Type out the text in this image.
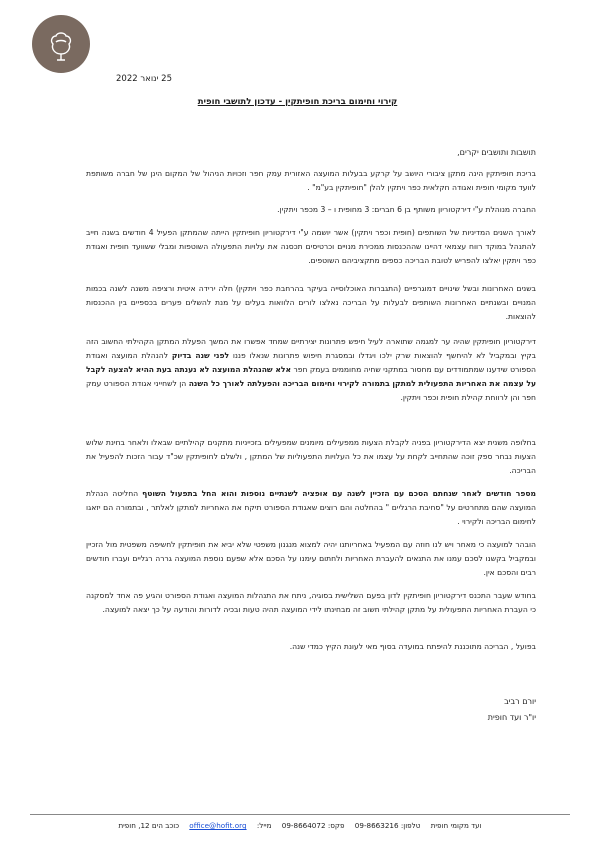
25 ינואר 2022
קירוי וחימום בריכת חופיתקין - עדכון לתושבי חופית
תושבות ותושבים יקרים,
בריכת חופיתקין הינה מתקן ציבורי היושב על קרקע בבעלות המועצה האזורית עמק חפר וזכויות הניהול של המקום הינן של חברה משותפת לוועד מקומי חופית ואגודה חקלאית כפר ויתקין להלן "חופיתקין בע"מ" .
החברה מנוהלת ע"י דירקטוריון משותף בן 6 חברים: 3 מחופית ו – 3 מכפר ויתקין.
לאורך השנים המדיניות של השותפים (חופית וכפר ויתקין) אשר יושמה ע"י דירקטוריון חופיתקין הייתה שהמתקן הפעיל 4 חודשים בשנה חייב להתנהל במוקד רווח עצמאי דהיינו שההכנסות ממכירת מנויים וכרטיסים תכסנה את עלויות התפעולה השוטפות ומבלי ששוועד חופית ואגודת כפר ויתקין יאלצו להפריש לטובת הבריכה כספים מתקציביהם השוטפים.
בשנים האחרונות ובשל שינויים דמוגרפיים (התגברות האוכלוסייה בעיקר בהרחבת כפר ויתקין) חלה ירידה איטית ורציפה משנה לשנה בכמות המנויים ובשנתיים האחרונות השותפים לבעלות על הבריכה נאלצו לורים הלוואות בעלים על מנת להשלים פערים בכספיים בין ההכנסות להוצאות.
דירקטוריון חופיתקין שהיה ער למגמה שתוארה לעיל חיפש פתרונות יצירתיים שמחד אפשרו את המשך הפעלת המתקן הקהילתי החשוב הזה בקיץ ובמקביל לא להיחשף להוצאות שרק ילכו ויגדלו ובמסגרת חיפוש פתרונות שנאלו פננו לפני שנה בדיוק להנהלת המועצה ואגודת הספורט שידענו שמתמודדים עם מחסור במתקני שחיה מחוממים בעמק חפר אלא שהנהלת המועצה לא נענתה בעת ההיא להצעה לקבל על עצמה את האחריות התפעולית למתקן בתמורה לקירוי וחימום הבריכה והפעלתה לאורך כל השנה הן לשחייני אגודת הספורט עמק חפר והן לרווחת קהילת חופית וכפר ויתקין.
בחלופה משנית יצא הדירקטוריון בפניה לקבלת הצעות ממפעילים מיומנים שמפעילים בזכייניות מתקנים קהילתיים שבאלו ולאחר בחינת שלוש הצעות נבחר ספק זוכה שהתחייב לקחת על עצמו את כל העלויות התפעוליות של המתקן , ולשלם לחופיתקין שכ"ד עבור הזכות להפעיל את הבריכה.
מספר חודשים לאחר שנחתם הסכם עם הזכיין לשנה עם אופציה לשנתיים נוספות והוא החל בתפעול השוטף החליטה הנהלת המועצה שהם מתחרטים על "סחיבת הרגליים " בהחלטה והם רוצים שאגודת הספורט תיקח את האחריות למתקן לאלתר , ובתמורה הם יזאגו לחימום הבריכה ולקירוי .
הובהר למועצה כי מאחר ויש לנו חוזה עם המפעיל באחריותנו יהיה למצוא מנגנון משפטי שלא יביא את חופיתקין לחשיפה משפטית מול הזכיין ובמקביל בקשנו לסכם עמנו את התנאים להעברת האחריות ולחתום עימנו על הסכם אלא שפעם נוספת המועצה גררה רגליים ועברו חודשים רבים והסכם אין.
בחודש שעבר התכנס דירקטוריון חופיתקין לדון בפעם השלישית בסוגיה, ניתח את התנהלות המועצה ואגודת הספורט והגיע פה אחד למסקנה כי העברת האחריות התפעולית על מתקן קהילתי חשוב זה מבחינתו לידי המועצה תהיה טעות ובכיה לדורות והודעה על כך יצאה למועצה.
בפועל , הבריכה מתוכננת להיפתח במועדה בסוף מאי לעונת הקיץ כמדי שנה.
יורם רביב
יו"ר ועד חופית
ועד מקומי חופית טלפון: 09-8663216 פקס: 09-8664072 מייל: office@hofit.org כוכב הים 12, חופית
